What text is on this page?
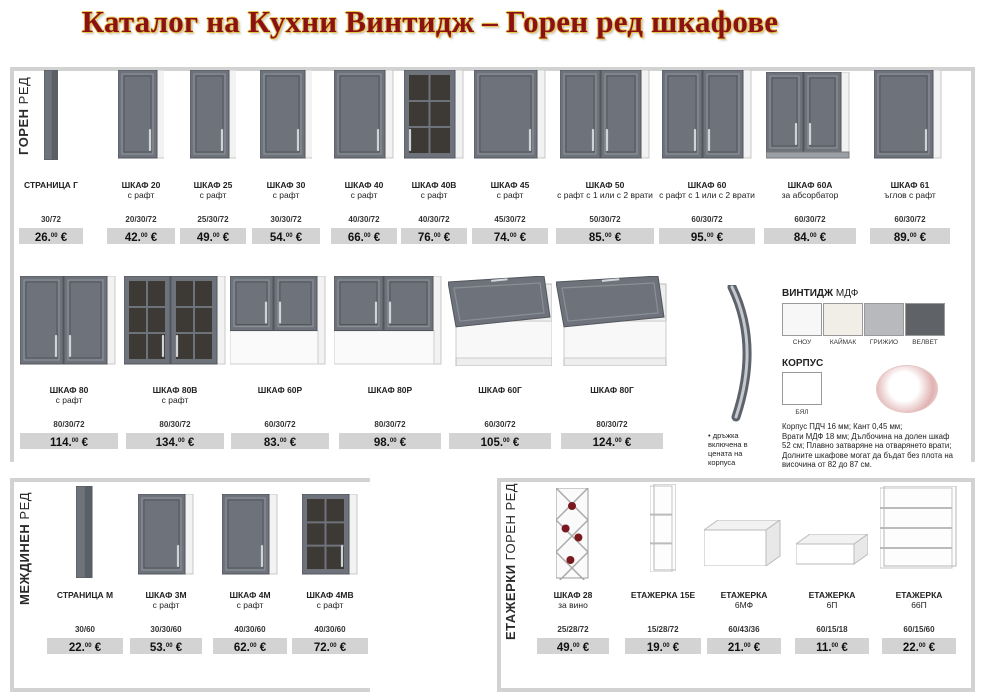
Каталог на Кухни Винтидж – Горен ред шкафове
ГОРЕН РЕД
МЕЖДИНЕН РЕД
ЕТАЖЕРКИ ГОРЕН РЕД
СТРАНИЦА Г
30/72
26.00 €
ШКАФ 20
с рафт
20/30/72
42.00 €
ШКАФ 25
с рафт
25/30/72
49.00 €
ШКАФ 30
с рафт
30/30/72
54.00 €
ШКАФ 40
с рафт
40/30/72
66.00 €
ШКАФ 40В
с рафт
40/30/72
76.00 €
ШКАФ 45
с рафт
45/30/72
74.00 €
ШКАФ 50
с рафт с 1 или с 2 врати
50/30/72
85.00 €
ШКАФ 60
с рафт с 1 или с 2 врати
60/30/72
95.00 €
ШКАФ 60А
за абсорбатор
60/30/72
84.00 €
ШКАФ 61
ъглов с рафт
60/30/72
89.00 €
ШКАФ 80
с рафт
80/30/72
114.00 €
ШКАФ 80В
с рафт
80/30/72
134.00 €
ШКАФ 60Р
60/30/72
83.00 €
ШКАФ 80Р
80/30/72
98.00 €
ШКАФ 60Г
60/30/72
105.00 €
ШКАФ 80Г
80/30/72
124.00 €
СТРАНИЦА М
30/60
22.00 €
ШКАФ 3М
с рафт
30/30/60
53.00 €
ШКАФ 4М
с рафт
40/30/60
62.00 €
ШКАФ 4МВ
с рафт
40/30/60
72.00 €
ШКАФ 28
за вино
25/28/72
49.00 €
ЕТАЖЕРКА 15Е
15/28/72
19.00 €
ЕТАЖЕРКА
6МФ
60/43/36
21.00 €
ЕТАЖЕРКА
6П
60/15/18
11.00 €
ЕТАЖЕРКА
66П
60/15/60
22.00 €
• дръжка включена в цената на корпуса
ВИНТИДЖ МДФ
СНОУ	КАЙМАК	ГРИЖИО	ВЕЛВЕТ
КОРПУС
БЯЛ
Корпус ПДЧ 16 мм; Кант 0,45 мм;
Врати МДФ 18 мм; Дълбочина на долен шкаф
52 см; Плавно затваряне на отварянето врати;
Долните шкафове могат да бъдат без плота на
височина от 82 до 87 см.
